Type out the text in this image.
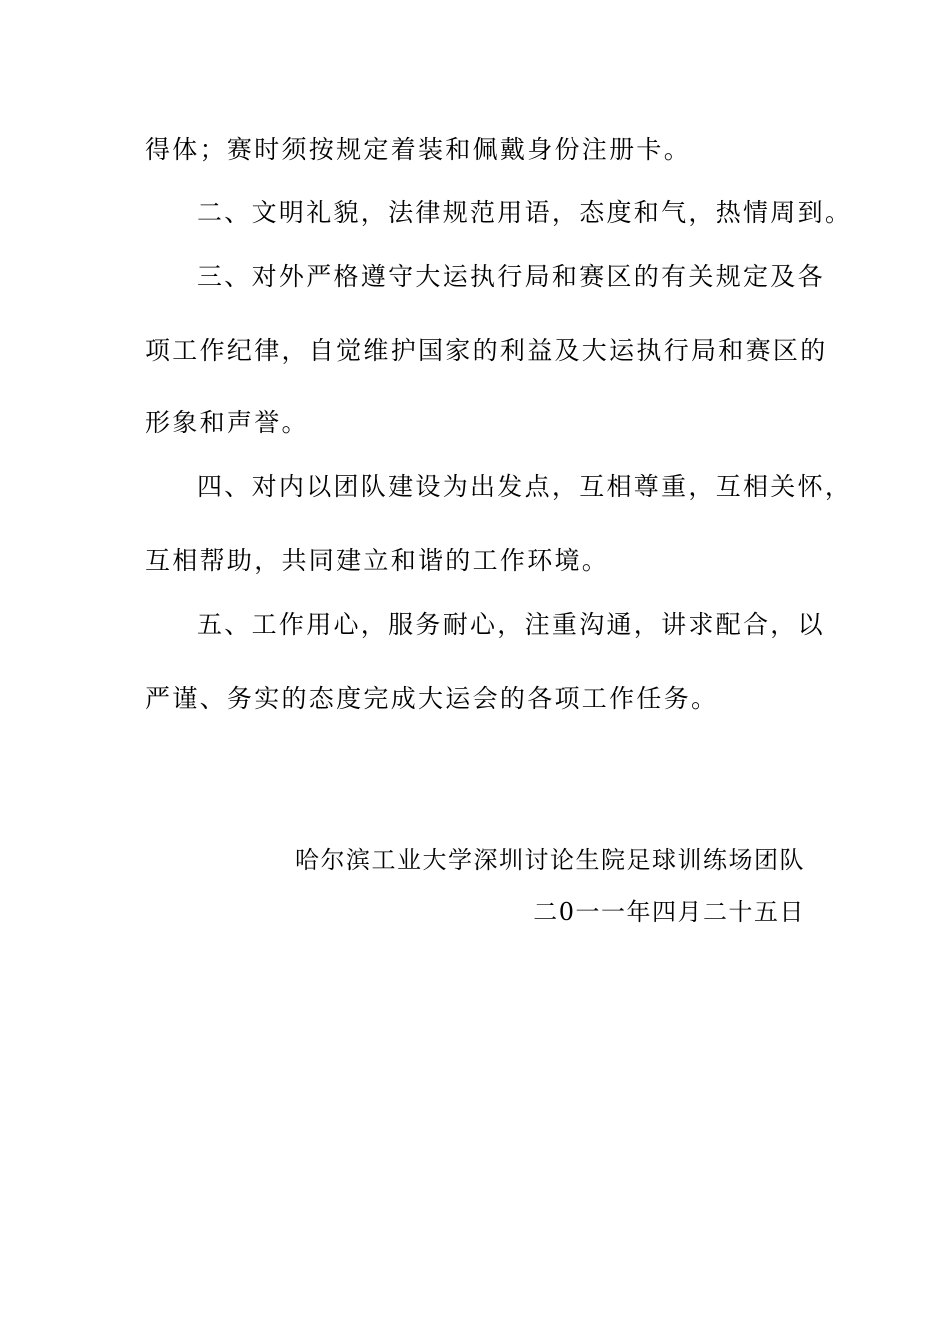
得体；赛时须按规定着装和佩戴身份注册卡。
二、文明礼貌，法律规范用语，态度和气，热情周到。
三、对外严格遵守大运执行局和赛区的有关规定及各
项工作纪律，自觉维护国家的利益及大运执行局和赛区的
形象和声誉。
四、对内以团队建设为出发点，互相尊重，互相关怀，
互相帮助，共同建立和谐的工作环境。
五、工作用心，服务耐心，注重沟通，讲求配合，以
严谨、务实的态度完成大运会的各项工作任务。
哈尔滨工业大学深圳讨论生院足球训练场团队
二0一一年四月二十五日
